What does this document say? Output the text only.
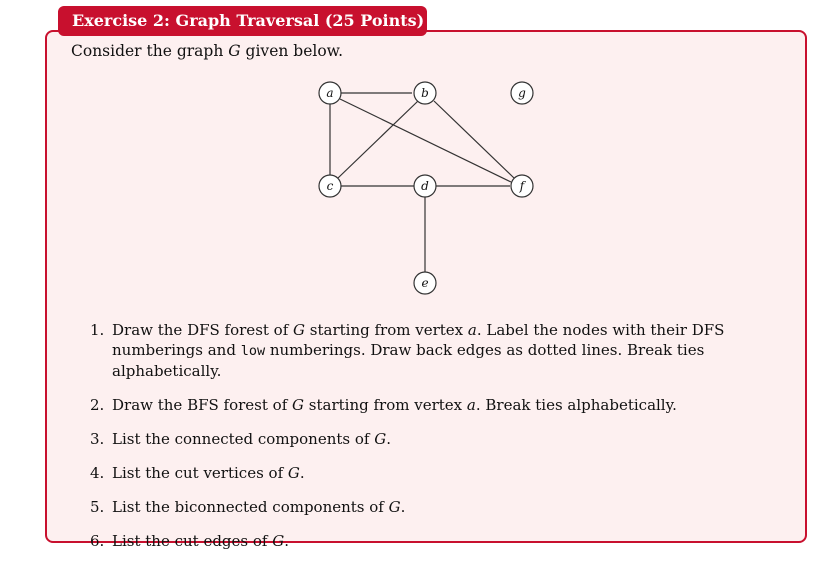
Exercise 2: Graph Traversal (25 Points)
Consider the graph G given below.
a	b	g
c	d	f
e
1. Draw the DFS forest of G starting from vertex a. Label the nodes with their DFS numberings and low numberings. Draw back edges as dotted lines. Break ties alphabetically.
2. Draw the BFS forest of G starting from vertex a. Break ties alphabetically.
3. List the connected components of G.
4. List the cut vertices of G.
5. List the biconnected components of G.
6. List the cut edges of G.
